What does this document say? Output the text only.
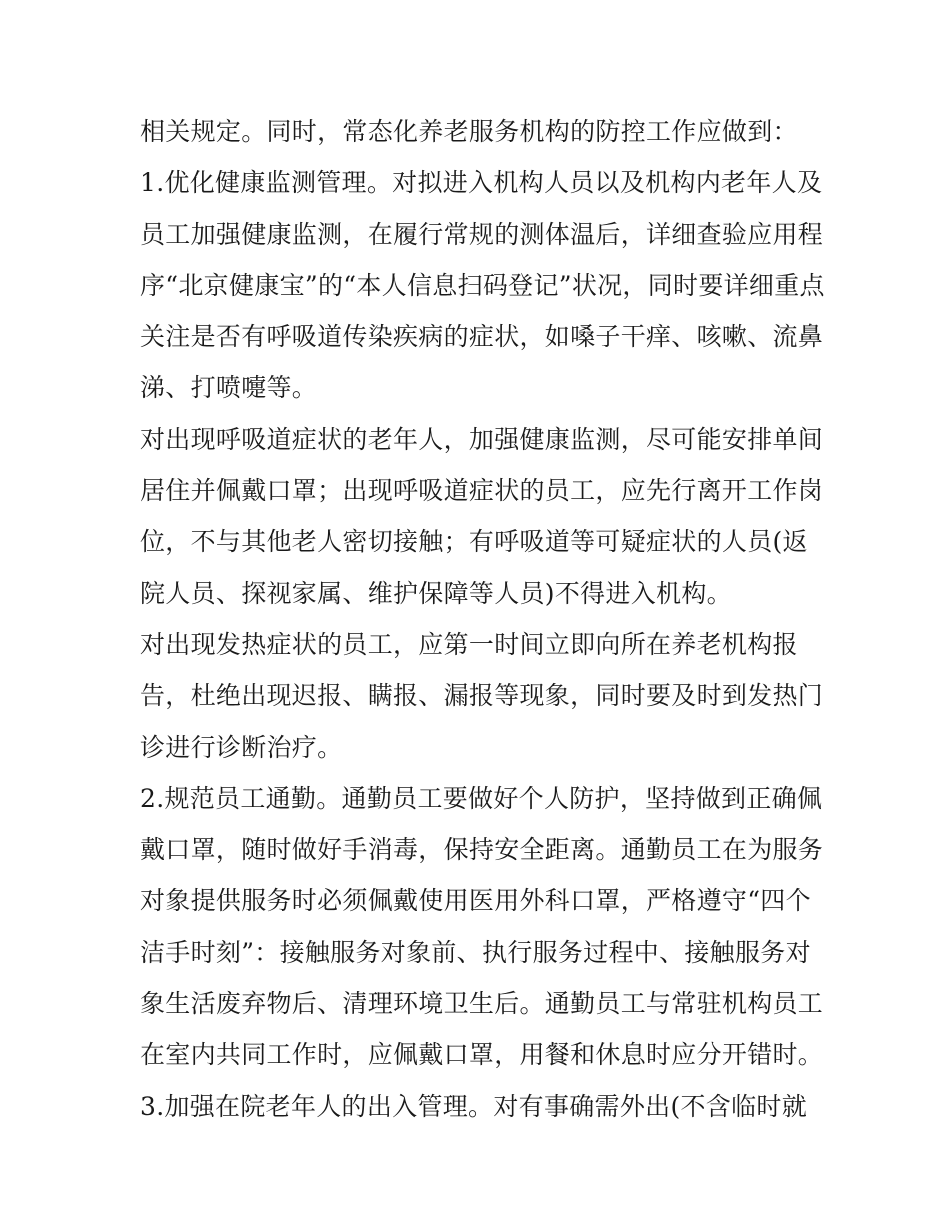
相关规定。同时，常态化养老服务机构的防控工作应做到：
1.优化健康监测管理。对拟进入机构人员以及机构内老年人及
员工加强健康监测，在履行常规的测体温后，详细查验应用程
序“北京健康宝”的“本人信息扫码登记”状况，同时要详细重点
关注是否有呼吸道传染疾病的症状，如嗓子干痒、咳嗽、流鼻
涕、打喷嚏等。
对出现呼吸道症状的老年人，加强健康监测，尽可能安排单间
居住并佩戴口罩；出现呼吸道症状的员工，应先行离开工作岗
位，不与其他老人密切接触；有呼吸道等可疑症状的人员(返
院人员、探视家属、维护保障等人员)不得进入机构。
对出现发热症状的员工，应第一时间立即向所在养老机构报
告，杜绝出现迟报、瞒报、漏报等现象，同时要及时到发热门
诊进行诊断治疗。
2.规范员工通勤。通勤员工要做好个人防护，坚持做到正确佩
戴口罩，随时做好手消毒，保持安全距离。通勤员工在为服务
对象提供服务时必须佩戴使用医用外科口罩，严格遵守“四个
洁手时刻”：接触服务对象前、执行服务过程中、接触服务对
象生活废弃物后、清理环境卫生后。通勤员工与常驻机构员工
在室内共同工作时，应佩戴口罩，用餐和休息时应分开错时。
3.加强在院老年人的出入管理。对有事确需外出(不含临时就
